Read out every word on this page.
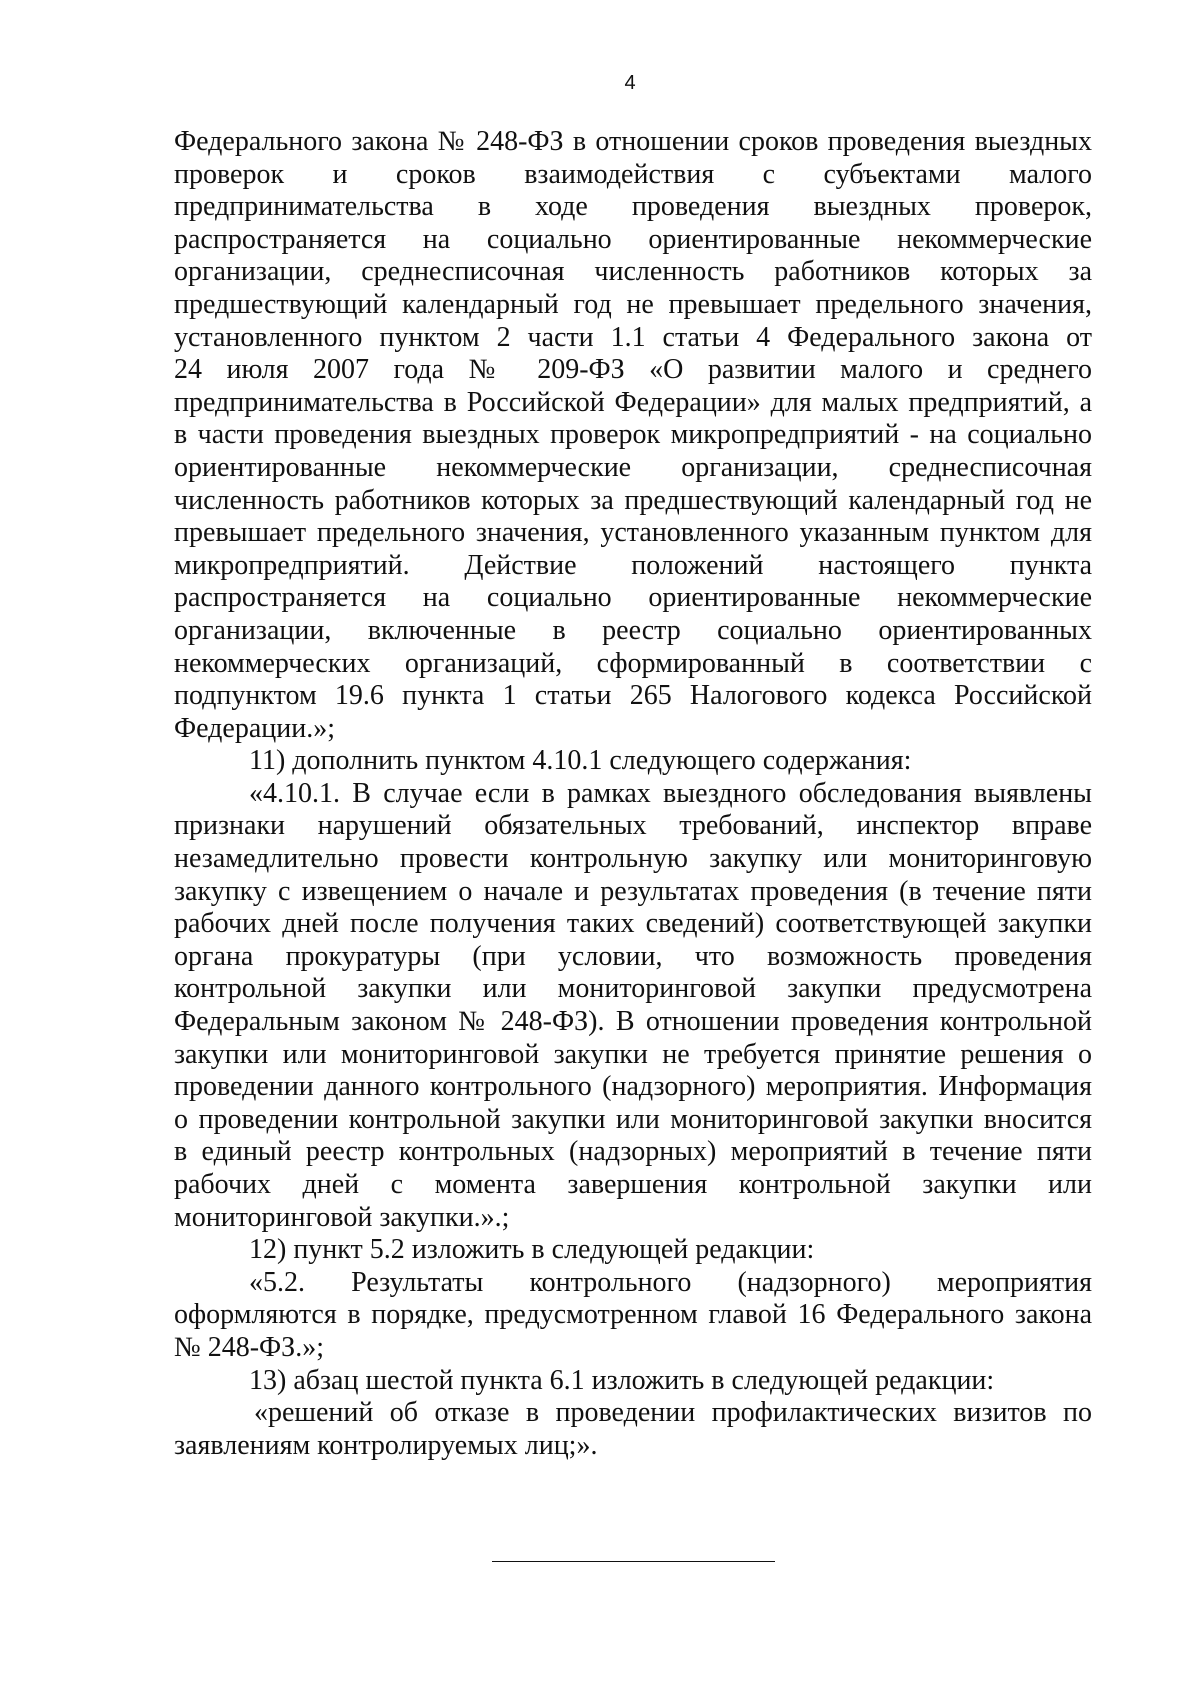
4
Федерального закона № 248-ФЗ в отношении сроков проведения выездных
проверок и сроков взаимодействия с субъектами малого
предпринимательства в ходе проведения выездных проверок,
распространяется на социально ориентированные некоммерческие
организации, среднесписочная численность работников которых за
предшествующий календарный год не превышает предельного значения,
установленного пунктом 2 части 1.1 статьи 4 Федерального закона от
24 июля 2007 года № 209-ФЗ «О развитии малого и среднего
предпринимательства в Российской Федерации» для малых предприятий, а
в части проведения выездных проверок микропредприятий - на социально
ориентированные некоммерческие организации, среднесписочная
численность работников которых за предшествующий календарный год не
превышает предельного значения, установленного указанным пунктом для
микропредприятий. Действие положений настоящего пункта
распространяется на социально ориентированные некоммерческие
организации, включенные в реестр социально ориентированных
некоммерческих организаций, сформированный в соответствии с
подпунктом 19.6 пункта 1 статьи 265 Налогового кодекса Российской
Федерации.»;
11) дополнить пунктом 4.10.1 следующего содержания:
«4.10.1. В случае если в рамках выездного обследования выявлены
признаки нарушений обязательных требований, инспектор вправе
незамедлительно провести контрольную закупку или мониторинговую
закупку с извещением о начале и результатах проведения (в течение пяти
рабочих дней после получения таких сведений) соответствующей закупки
органа прокуратуры (при условии, что возможность проведения
контрольной закупки или мониторинговой закупки предусмотрена
Федеральным законом № 248-ФЗ). В отношении проведения контрольной
закупки или мониторинговой закупки не требуется принятие решения о
проведении данного контрольного (надзорного) мероприятия. Информация
о проведении контрольной закупки или мониторинговой закупки вносится
в единый реестр контрольных (надзорных) мероприятий в течение пяти
рабочих дней с момента завершения контрольной закупки или
мониторинговой закупки.».;
12) пункт 5.2 изложить в следующей редакции:
«5.2. Результаты контрольного (надзорного) мероприятия
оформляются в порядке, предусмотренном главой 16 Федерального закона
№ 248-ФЗ.»;
13) абзац шестой пункта 6.1 изложить в следующей редакции:
«решений об отказе в проведении профилактических визитов по
заявлениям контролируемых лиц;».
